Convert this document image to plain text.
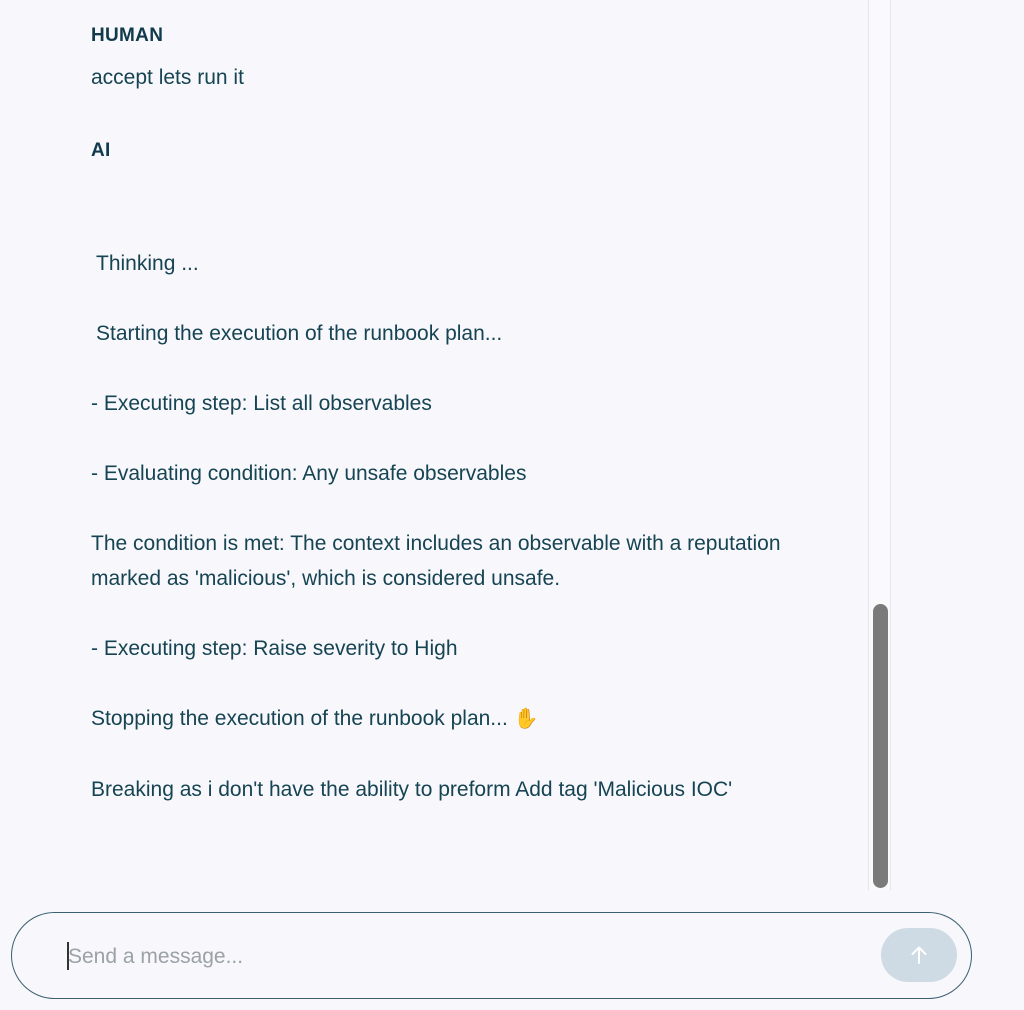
HUMAN
accept lets run it
AI
Thinking ...
Starting the execution of the runbook plan...
- Executing step: List all observables
- Evaluating condition: Any unsafe observables
The condition is met: The context includes an observable with a reputation
marked as 'malicious', which is considered unsafe.
- Executing step: Raise severity to High
Stopping the execution of the runbook plan... ✋
Breaking as i don't have the ability to preform Add tag 'Malicious IOC'
Send a message...
